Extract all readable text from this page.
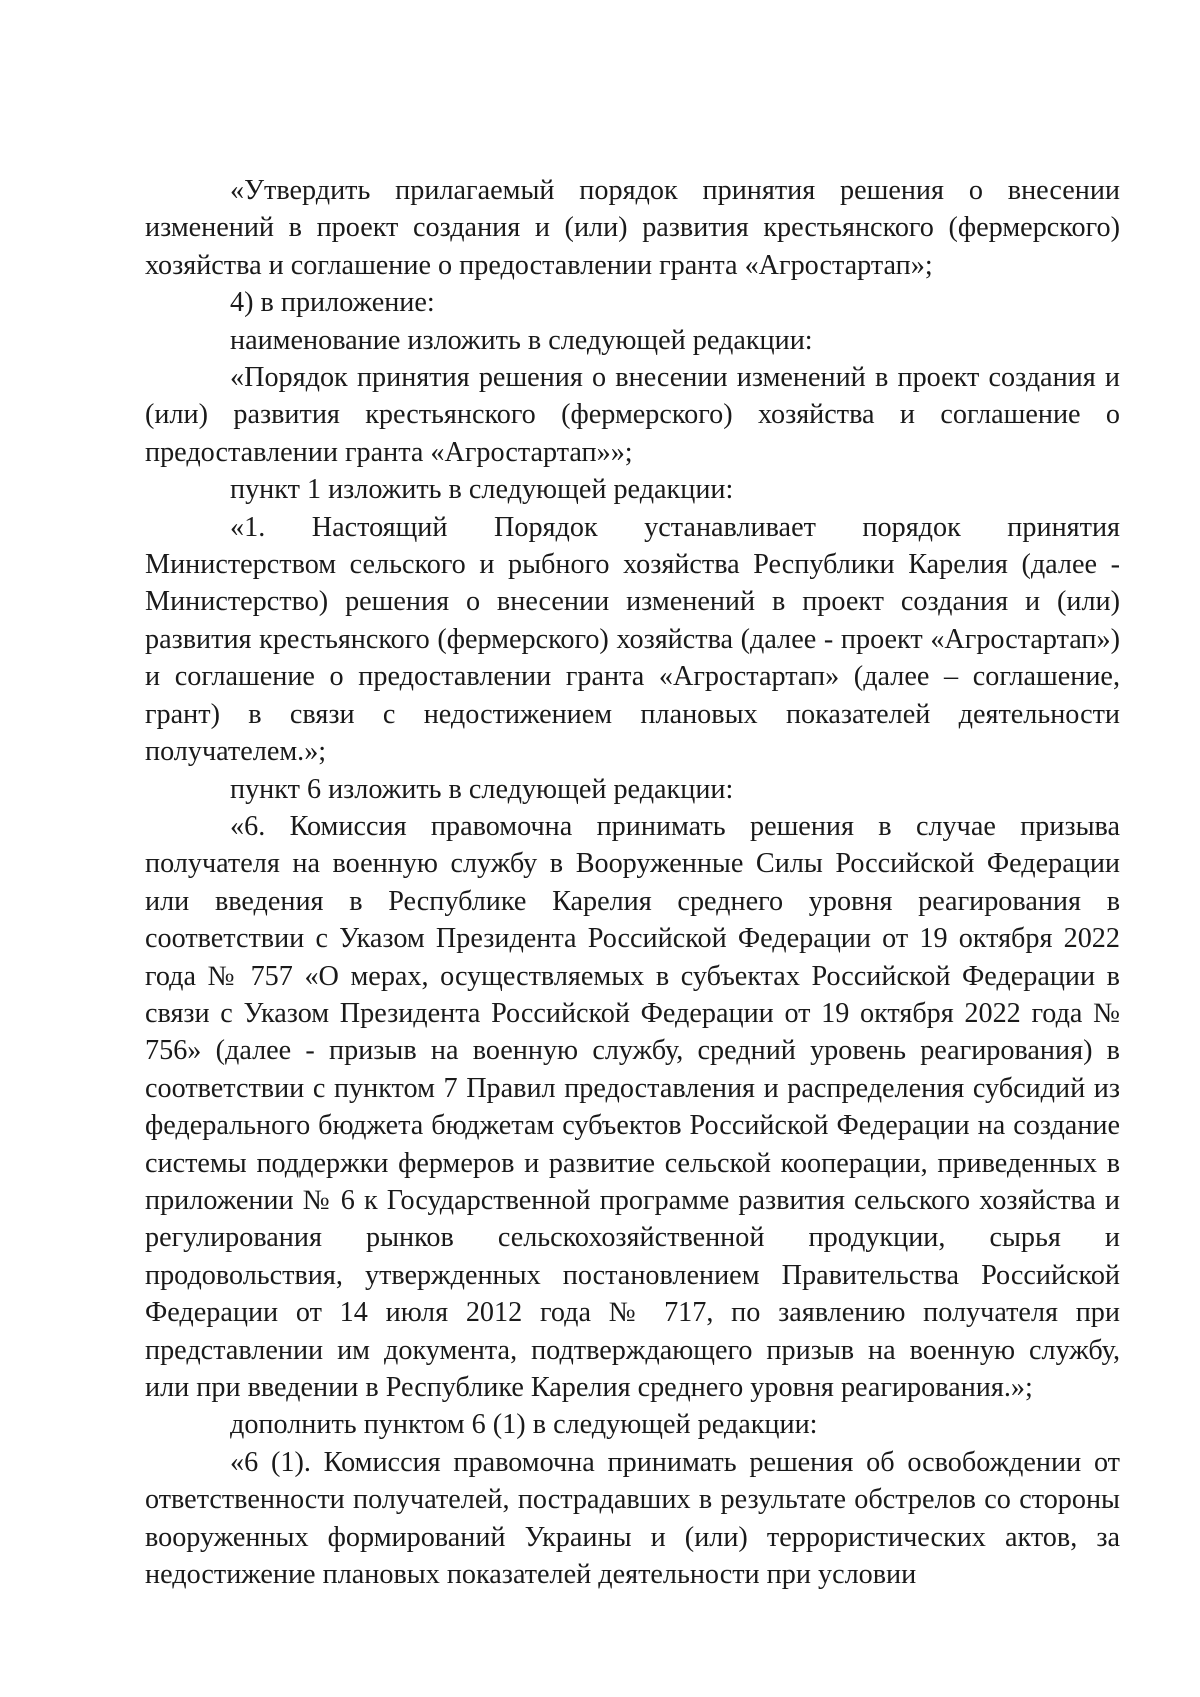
«Утвердить прилагаемый порядок принятия решения о внесении изменений в проект создания и (или) развития крестьянского (фермерского) хозяйства и соглашение о предоставлении гранта «Агростартап»;

4) в приложение:

наименование изложить в следующей редакции:

«Порядок принятия решения о внесении изменений в проект создания и (или) развития крестьянского (фермерского) хозяйства и соглашение о предоставлении гранта «Агростартап»»;

пункт 1 изложить в следующей редакции:

«1. Настоящий Порядок устанавливает порядок принятия Министерством сельского и рыбного хозяйства Республики Карелия (далее - Министерство) решения о внесении изменений в проект создания и (или) развития крестьянского (фермерского) хозяйства (далее - проект «Агростартап») и соглашение о предоставлении гранта «Агростартап» (далее – соглашение, грант) в связи с недостижением плановых показателей деятельности получателем.»;

пункт 6 изложить в следующей редакции:

«6. Комиссия правомочна принимать решения в случае призыва получателя на военную службу в Вооруженные Силы Российской Федерации или введения в Республике Карелия среднего уровня реагирования в соответствии с Указом Президента Российской Федерации от 19 октября 2022 года № 757 «О мерах, осуществляемых в субъектах Российской Федерации в связи с Указом Президента Российской Федерации от 19 октября 2022 года № 756» (далее - призыв на военную службу, средний уровень реагирования) в соответствии с пунктом 7 Правил предоставления и распределения субсидий из федерального бюджета бюджетам субъектов Российской Федерации на создание системы поддержки фермеров и развитие сельской кооперации, приведенных в приложении № 6 к Государственной программе развития сельского хозяйства и регулирования рынков сельскохозяйственной продукции, сырья и продовольствия, утвержденных постановлением Правительства Российской Федерации от 14 июля 2012 года № 717, по заявлению получателя при представлении им документа, подтверждающего призыв на военную службу, или при введении в Республике Карелия среднего уровня реагирования.»;

дополнить пунктом 6 (1) в следующей редакции:

«6 (1). Комиссия правомочна принимать решения об освобождении от ответственности получателей, пострадавших в результате обстрелов со стороны вооруженных формирований Украины и (или) террористических актов, за недостижение плановых показателей деятельности при условии
